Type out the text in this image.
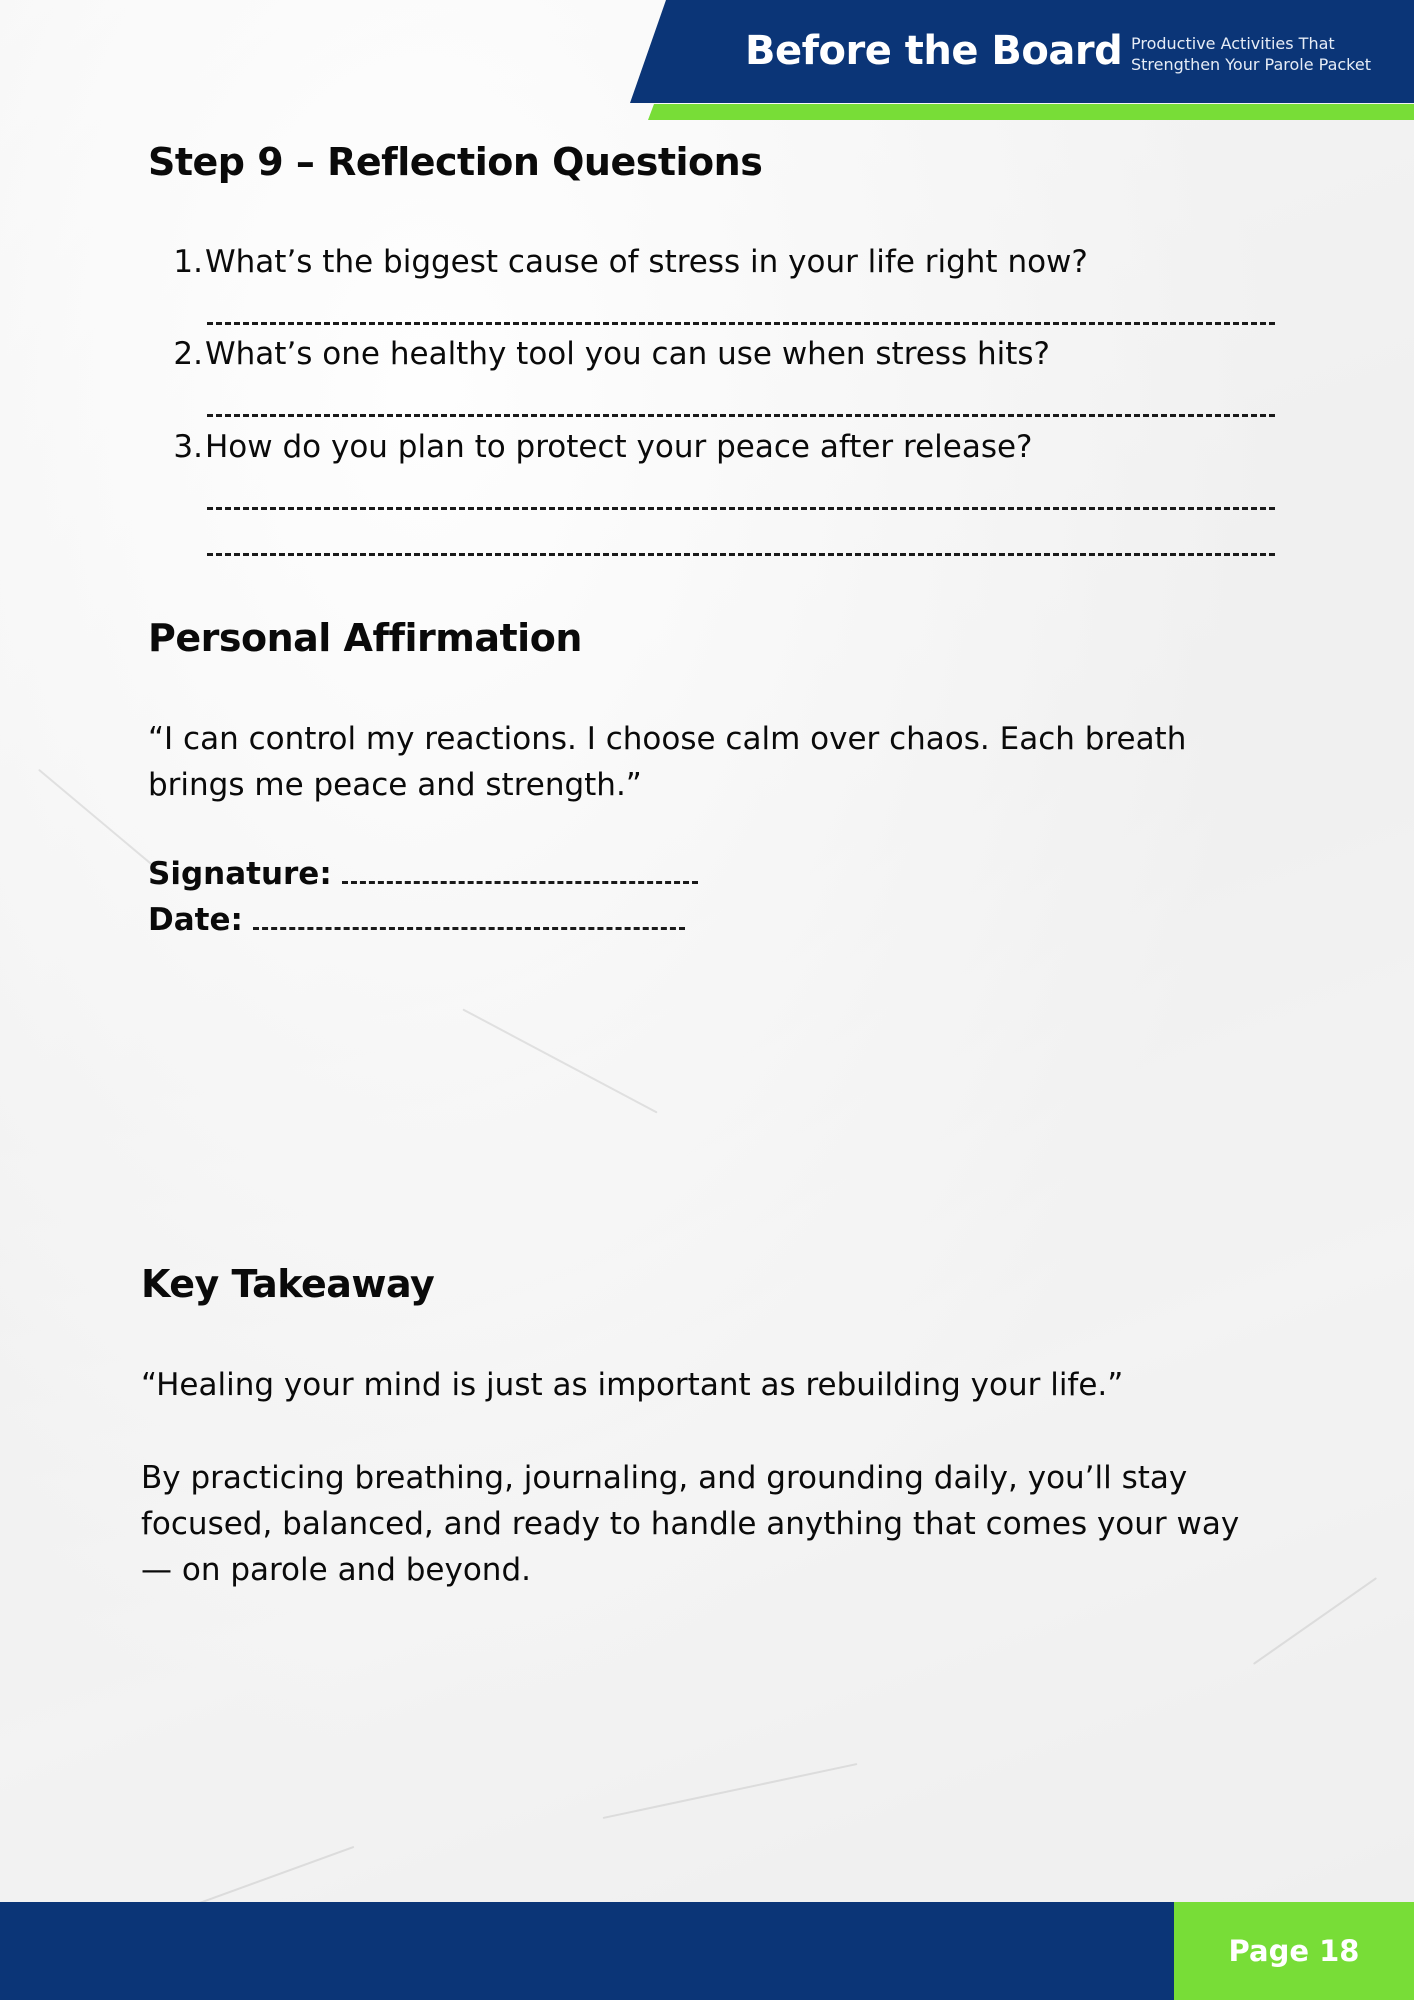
Before the Board Productive Activities That
Strengthen Your Parole Packet
Step 9 – Reflection Questions
1. What’s the biggest cause of stress in your life right now?
2. What’s one healthy tool you can use when stress hits?
3. How do you plan to protect your peace after release?
Personal Affirmation
“I can control my reactions. I choose calm over chaos. Each breath brings me peace and strength.”
Signature:
Date:
Key Takeaway
“Healing your mind is just as important as rebuilding your life.”
By practicing breathing, journaling, and grounding daily, you’ll stay focused, balanced, and ready to handle anything that comes your way — on parole and beyond.
Page 18
